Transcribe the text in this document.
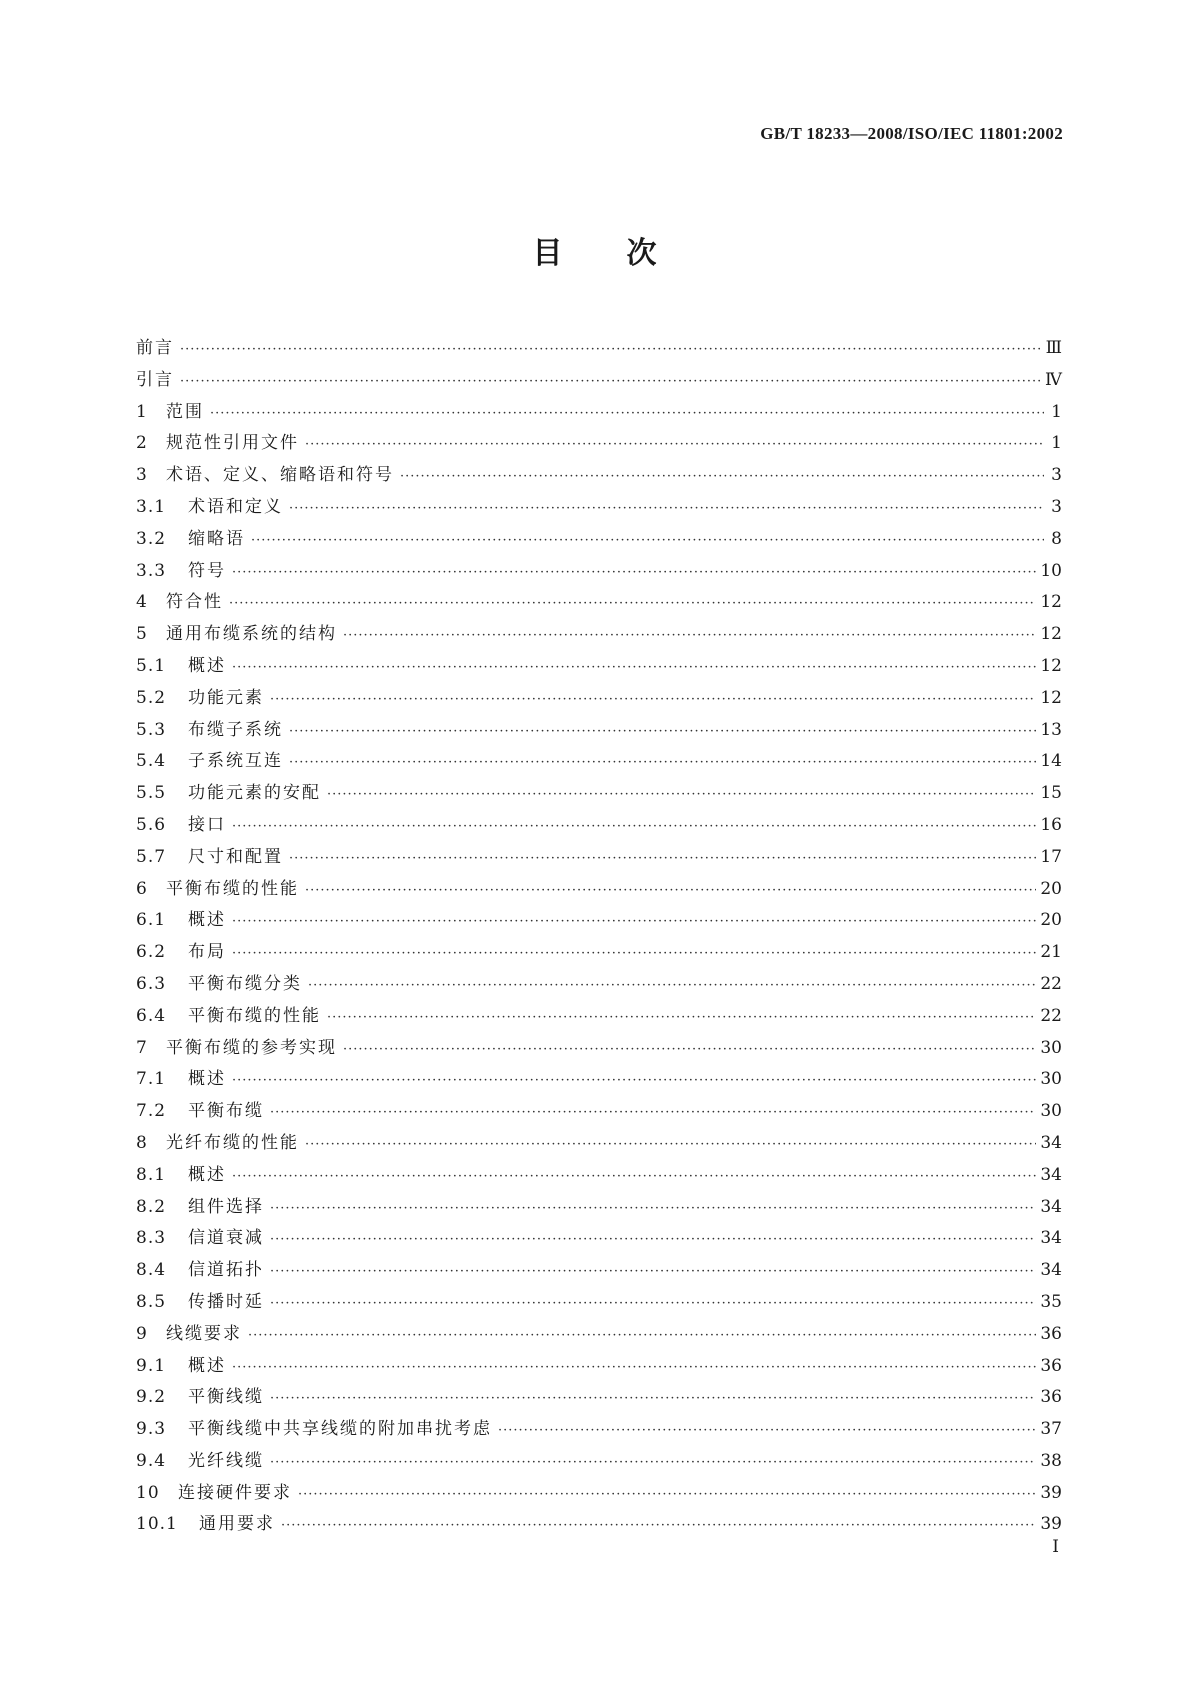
GB/T 18233—2008/ISO/IEC 11801:2002
目 次
前言 ·····	Ⅲ
引言 ·····	Ⅳ
1	范围 ·····	1
2	规范性引用文件 ·····	1
3	术语、定义、缩略语和符号 ·····	3
3.1	术语和定义 ·····	3
3.2	缩略语 ·····	8
3.3	符号 ·····	10
4	符合性 ·····	12
5	通用布缆系统的结构 ·····	12
5.1	概述 ·····	12
5.2	功能元素 ·····	12
5.3	布缆子系统 ·····	13
5.4	子系统互连 ·····	14
5.5	功能元素的安配 ·····	15
5.6	接口 ·····	16
5.7	尺寸和配置 ·····	17
6	平衡布缆的性能 ·····	20
6.1	概述 ·····	20
6.2	布局 ·····	21
6.3	平衡布缆分类 ·····	22
6.4	平衡布缆的性能 ·····	22
7	平衡布缆的参考实现 ·····	30
7.1	概述 ·····	30
7.2	平衡布缆 ·····	30
8	光纤布缆的性能 ·····	34
8.1	概述 ·····	34
8.2	组件选择 ·····	34
8.3	信道衰减 ·····	34
8.4	信道拓扑 ·····	34
8.5	传播时延 ·····	35
9	线缆要求 ·····	36
9.1	概述 ·····	36
9.2	平衡线缆 ·····	36
9.3	平衡线缆中共享线缆的附加串扰考虑 ·····	37
9.4	光纤线缆 ·····	38
10	连接硬件要求 ·····	39
10.1	通用要求 ·····	39
I
